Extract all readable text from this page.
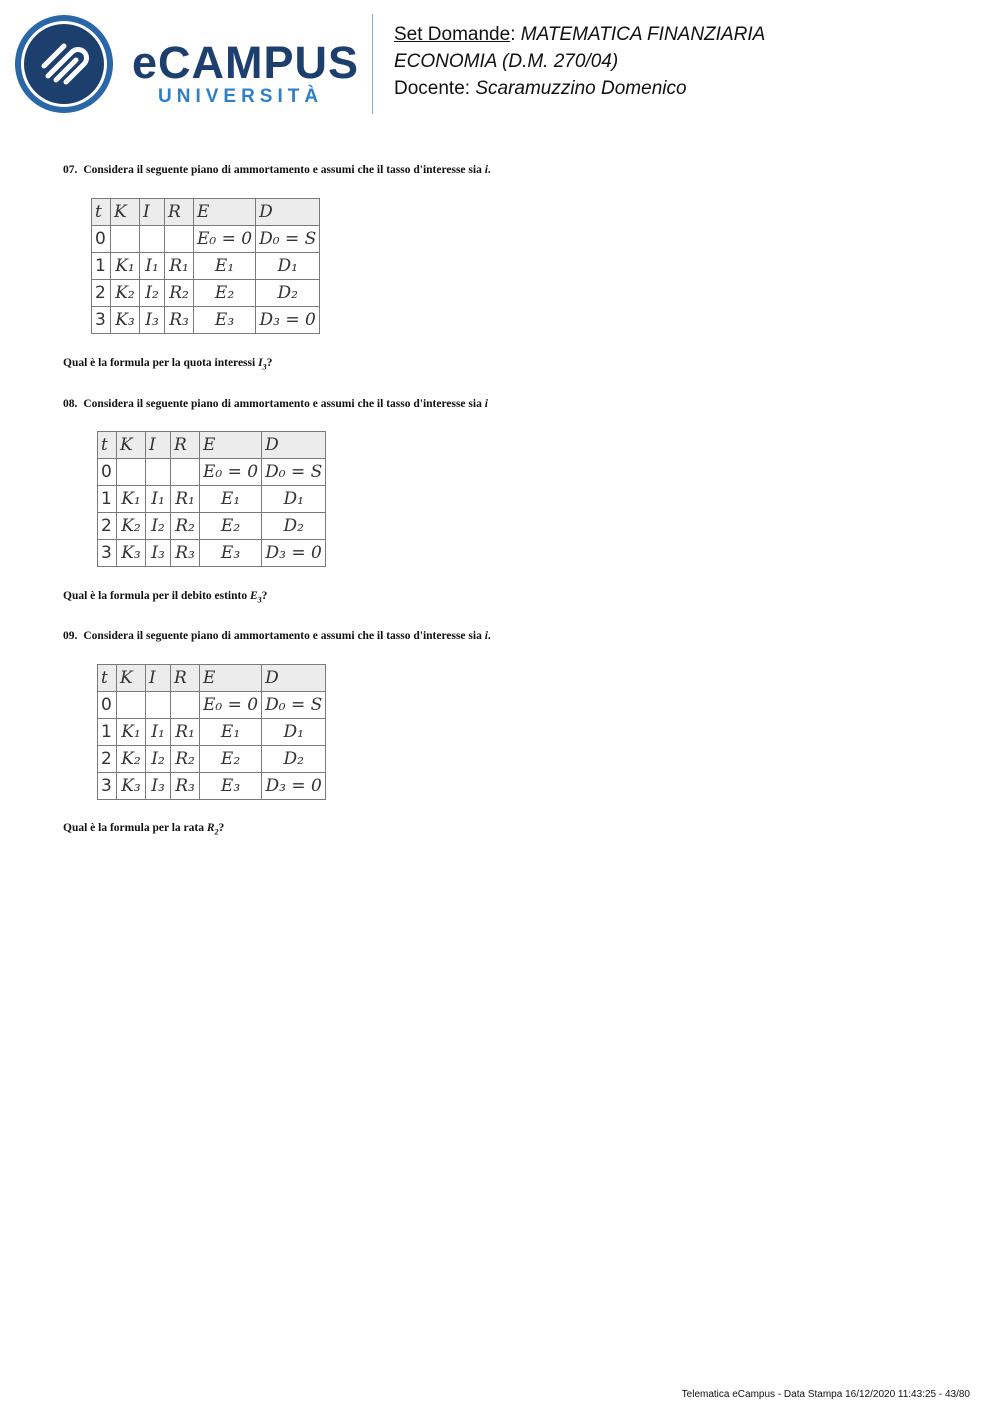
eCAMPUS
UNIVERSITÀ
Set Domande: MATEMATICA FINANZIARIA
ECONOMIA (D.M. 270/04)
Docente: Scaramuzzino Domenico
07. Considera il seguente piano di ammortamento e assumi che il tasso d'interesse sia i.
t	K	I	R	E	D
0				E₀ = 0	D₀ = S
1	K₁	I₁	R₁	E₁	D₁
2	K₂	I₂	R₂	E₂	D₂
3	K₃	I₃	R₃	E₃	D₃ = 0
Qual è la formula per la quota interessi $I_3$?
08. Considera il seguente piano di ammortamento e assumi che il tasso d'interesse sia i
t	K	I	R	E	D
0				E₀ = 0	D₀ = S
1	K₁	I₁	R₁	E₁	D₁
2	K₂	I₂	R₂	E₂	D₂
3	K₃	I₃	R₃	E₃	D₃ = 0
Qual è la formula per il debito estinto $E_3$?
09. Considera il seguente piano di ammortamento e assumi che il tasso d'interesse sia i.
t	K	I	R	E	D
0				E₀ = 0	D₀ = S
1	K₁	I₁	R₁	E₁	D₁
2	K₂	I₂	R₂	E₂	D₂
3	K₃	I₃	R₃	E₃	D₃ = 0
Qual è la formula per la rata $R_2$?
Telematica eCampus - Data Stampa 16/12/2020 11:43:25 - 43/80
